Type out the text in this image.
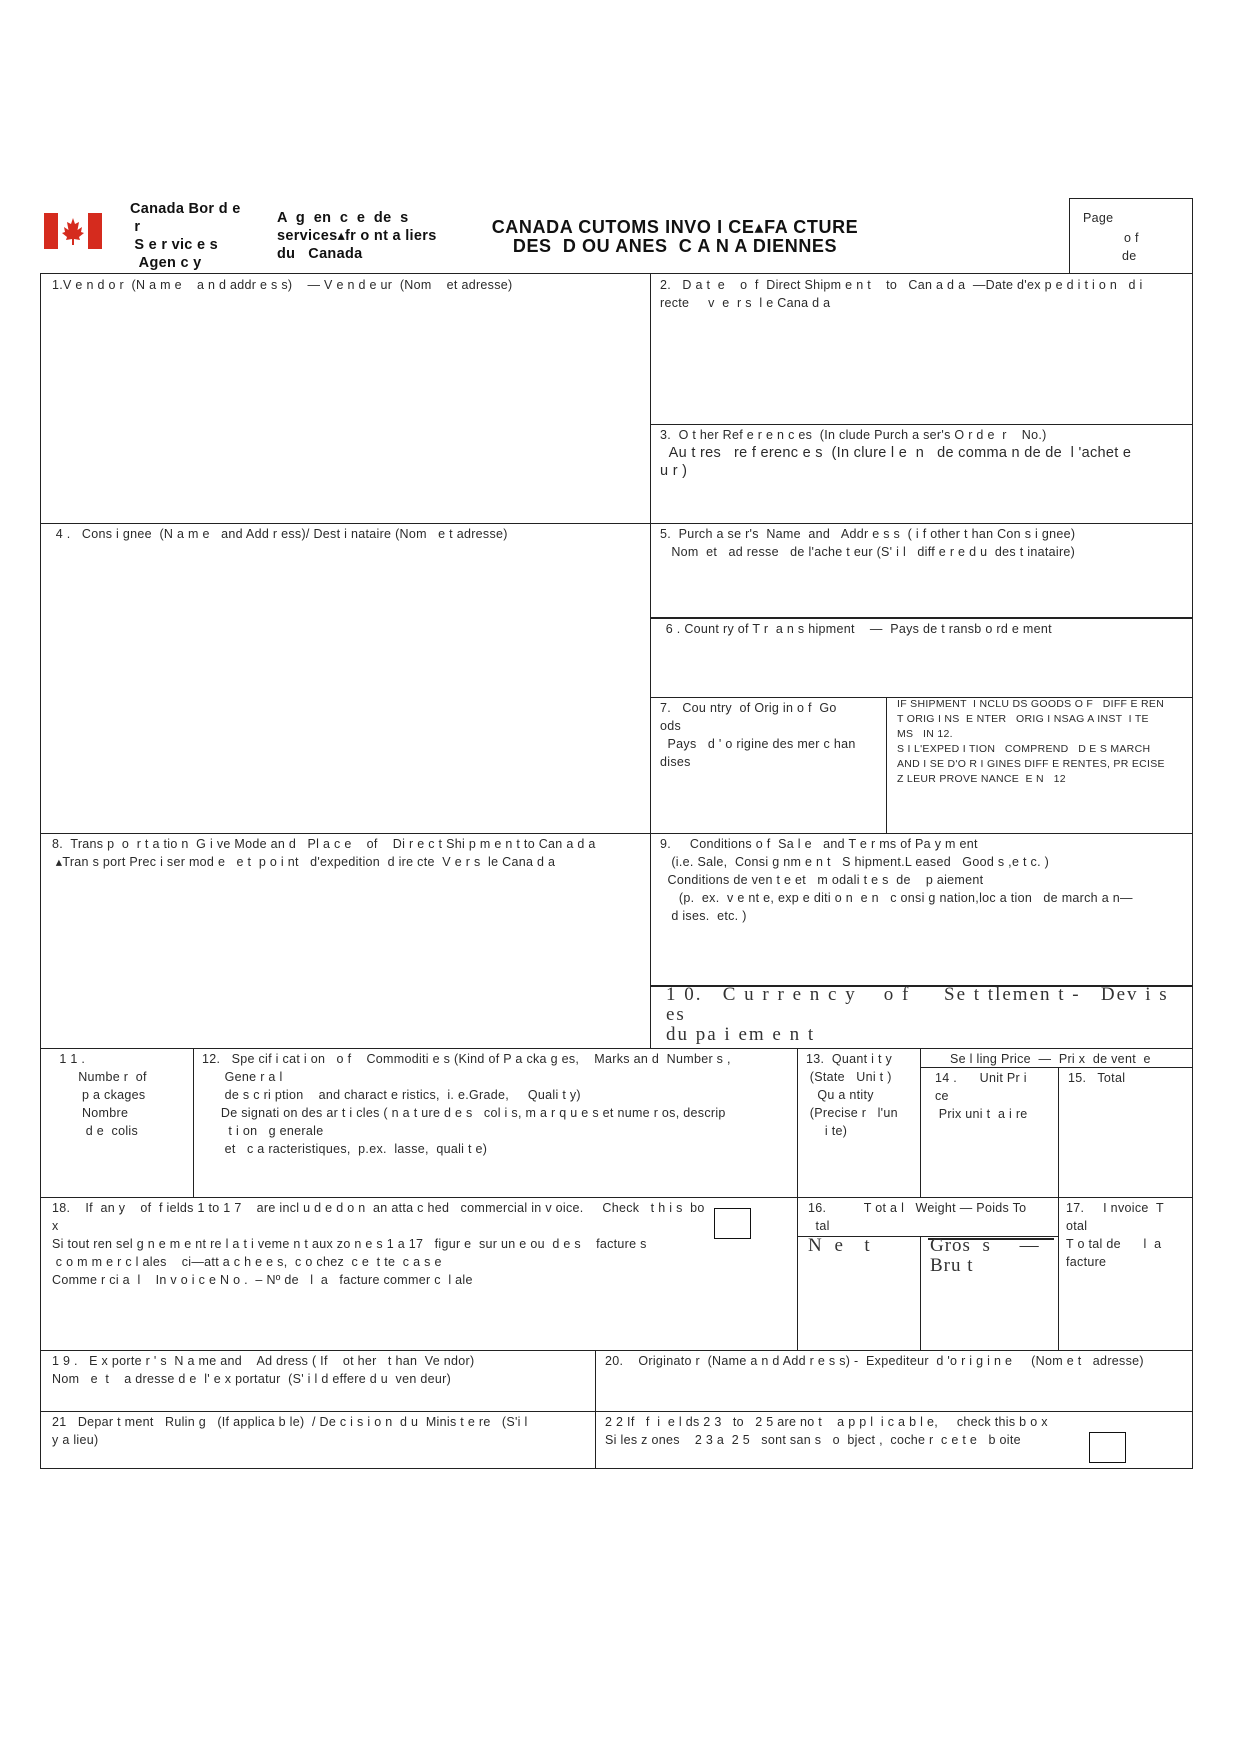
Canada Bor d e
r
S e r vic e s
Agen c y
A  g  en  c  e  de  s
services▴fr o nt a liers
du   Canada
CANADA CUTOMS INVO I CE▴FA CTURE
DES  D OU ANES  C A N A DIENNES
Page
o f
de
1.V e n d o r  (N a m e    a n d addr e s s)    — V e n d e ur  (Nom    et adresse)	2.   D a t  e    o  f  Direct Shipm e n t    to   Can a d a  —Date d'ex p e d i t i o n   d i
recte     v  e  r s  l e Cana d a
3.  O t her Ref e r e n c es  (In clude Purch a ser's O r d e  r    No.)
Au t res   re f erenc e s  (In clure l e  n   de comma n de de  l 'achet e
u r )
4 .   Cons i gnee  (N a m e   and Add r ess)/ Dest i nataire (Nom   e t adresse)	5.  Purch a se r's  Name  and   Addr e s s  ( i f other t han Con s i gnee)
Nom  et   ad resse   de l'ache t eur (S' i l   diff e r e d u  des t inataire)
6 . Count ry of T r  a n s hipment    —  Pays de t ransb o rd e ment
7.   Cou ntry  of Orig in o f  Go
ods
Pays   d ' o rigine des mer c han
dises
IF SHIPMENT  I NCLU DS GOODS O F   DIFF E REN
T ORIG I NS  E NTER   ORIG I NSAG A INST  I TE
MS   IN 12.
S I L'EXPED I TION   COMPREND   D E S MARCH
AND I SE D'O R I GINES DIFF E RENTES, PR ECISE
Z LEUR PROVE NANCE  E N   12
8.  Trans p  o  r t a tio n  G i ve Mode an d   Pl a c e    of    Di r e c t Shi p m e n t to Can a d a
▴Tran s port Prec i ser mod e   e t  p o i nt   d'expedition  d ire cte  V e r s  le Cana d a
9.     Conditions o f  Sa l e   and T e r ms of Pa y m ent
(i.e. Sale,  Consi g nm e n t   S hipment.L eased   Good s ,e t c. )
Conditions de ven t e et   m odali t e s  de    p aiement
(p.  ex.  v e nt e, exp e diti o n  e n   c onsi g nation,loc a tion   de march a n—
d ises.  etc. )
1 0.   C u r r e n c y    o f     Se t tlemen t -   Dev i s es
du pa i em e n t
1 1 .
Numbe r  of
p a ckages
Nombre
d e  colis
12.   Spe cif i cat i on   o f    Commoditi e s (Kind of P a cka g es,    Marks an d  Number s ,
Gene r a l
de s c ri ption    and charact e ristics,  i. e.Grade,     Quali t y)
De signati on des ar t i cles ( n a t ure d e s   col i s, m a r q u e s et nume r os, descrip
t i on   g enerale
et   c a racteristiques,  p.ex.  lasse,  quali t e)
13.  Quant i t y
(State   Uni t )
Qu a ntity
(Precise r   l'un
i te)
Se l ling Price  —  Pri x  de vent  e
14 .      Unit Pr i
ce
Prix uni t  a i re
15.   Total
18.    If  an y    of  f ields 1 to 1 7    are incl u d e d o n  an atta c hed   commercial in v oice.     Check   t h i s  bo
x
Si tout ren sel g n e m e nt re l a t i veme n t aux zo n e s 1 a 17   figur e  sur un e ou  d e s    facture s
c o m m e r c l ales    ci—att a c h e e s,  c o chez  c e  t te  c a s e
Comme r ci a  l    In v o i c e N o .  – Nº de   l  a   facture commer c  l ale
16.          T ot a l   Weight — Poids To
tal
N e  t	Gros  s     —
Bru t
17.     I nvoice  T
otal
T o tal de      l  a
facture
1 9 .   E x porte r ' s  N a me and    Ad dress ( If    ot her   t han  Ve ndor)
Nom   e  t    a dresse d e  l' e x portatur  (S' i l d effere d u  ven deur)
20.    Originato r  (Name a n d Add r e s s) -  Expediteur  d 'o r i g i n e     (Nom e t   adresse)
21   Depar t ment   Rulin g   (If applica b le)  / De c i s i o n  d u  Minis t e re   (S'i l
y a lieu)
2 2 If   f  i  e l ds 2 3   to   2 5 are no t    a p p l  i c a b l e,     check this b o x
Si les z ones    2 3 a  2 5   sont san s   o  bject ,  coche r  c e t e   b oite
